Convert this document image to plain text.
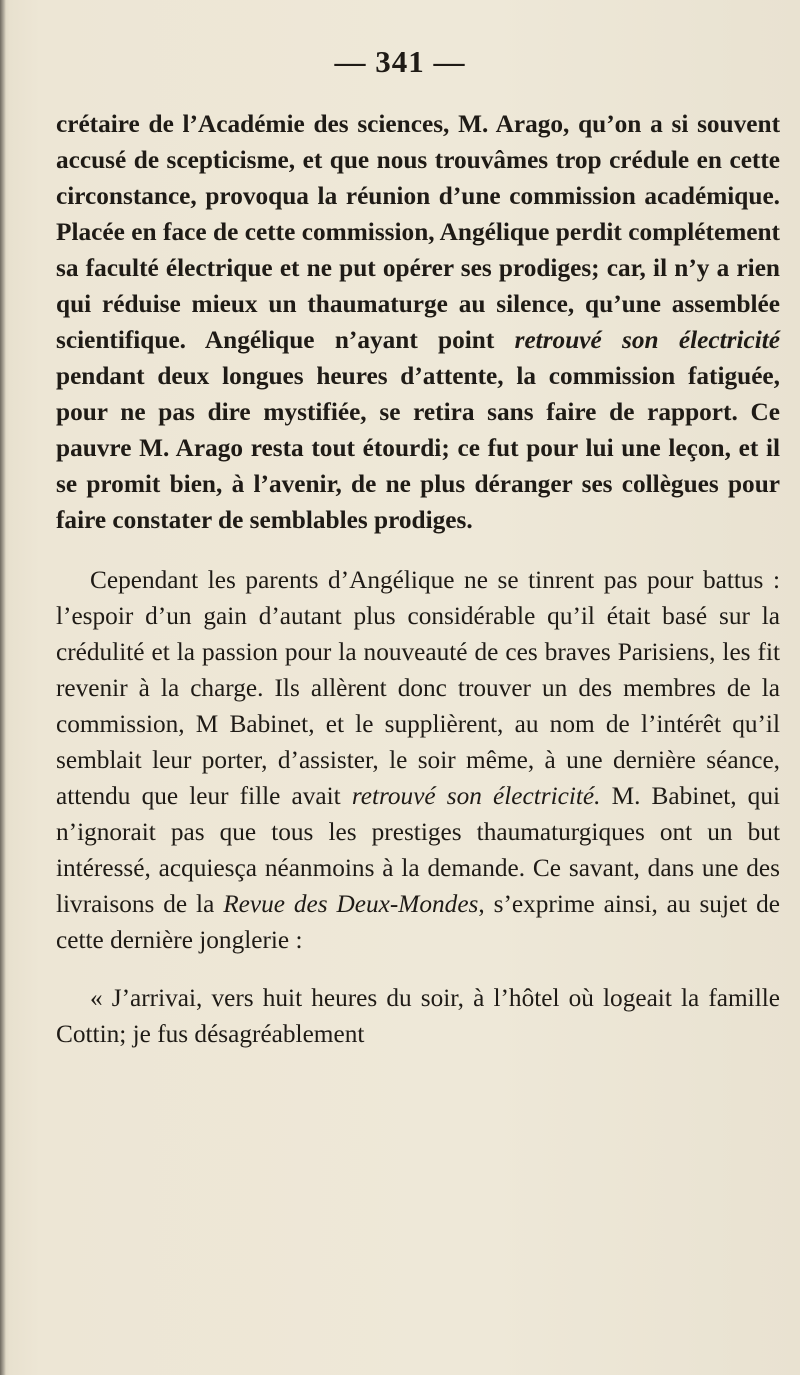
— 341 —

crétaire de l’Académie des sciences, M. Arago, qu’on a si souvent accusé de scepticisme, et que nous trouvâmes trop crédule en cette circonstance, provoqua la réunion d’une commission académique. Placée en face de cette commission, Angélique perdit complétement sa faculté électrique et ne put opérer ses prodiges; car, il n’y a rien qui réduise mieux un thaumaturge au silence, qu’une assemblée scientifique. Angélique n’ayant point retrouvé son électricité pendant deux longues heures d’attente, la commission fatiguée, pour ne pas dire mystifiée, se retira sans faire de rapport. Ce pauvre M. Arago resta tout étourdi; ce fut pour lui une leçon, et il se promit bien, à l’avenir, de ne plus déranger ses collègues pour faire constater de semblables prodiges.

Cependant les parents d’Angélique ne se tinrent pas pour battus : l’espoir d’un gain d’autant plus considérable qu’il était basé sur la crédulité et la passion pour la nouveauté de ces braves Parisiens, les fit revenir à la charge. Ils allèrent donc trouver un des membres de la commission, M Babinet, et le supplièrent, au nom de l’intérêt qu’il semblait leur porter, d’assister, le soir même, à une dernière séance, attendu que leur fille avait retrouvé son électricité. M. Babinet, qui n’ignorait pas que tous les prestiges thaumaturgiques ont un but intéressé, acquiesça néanmoins à la demande. Ce savant, dans une des livraisons de la Revue des Deux-Mondes, s’exprime ainsi, au sujet de cette dernière jonglerie :

« J’arrivai, vers huit heures du soir, à l’hôtel où logeait la famille Cottin; je fus désagréablement
